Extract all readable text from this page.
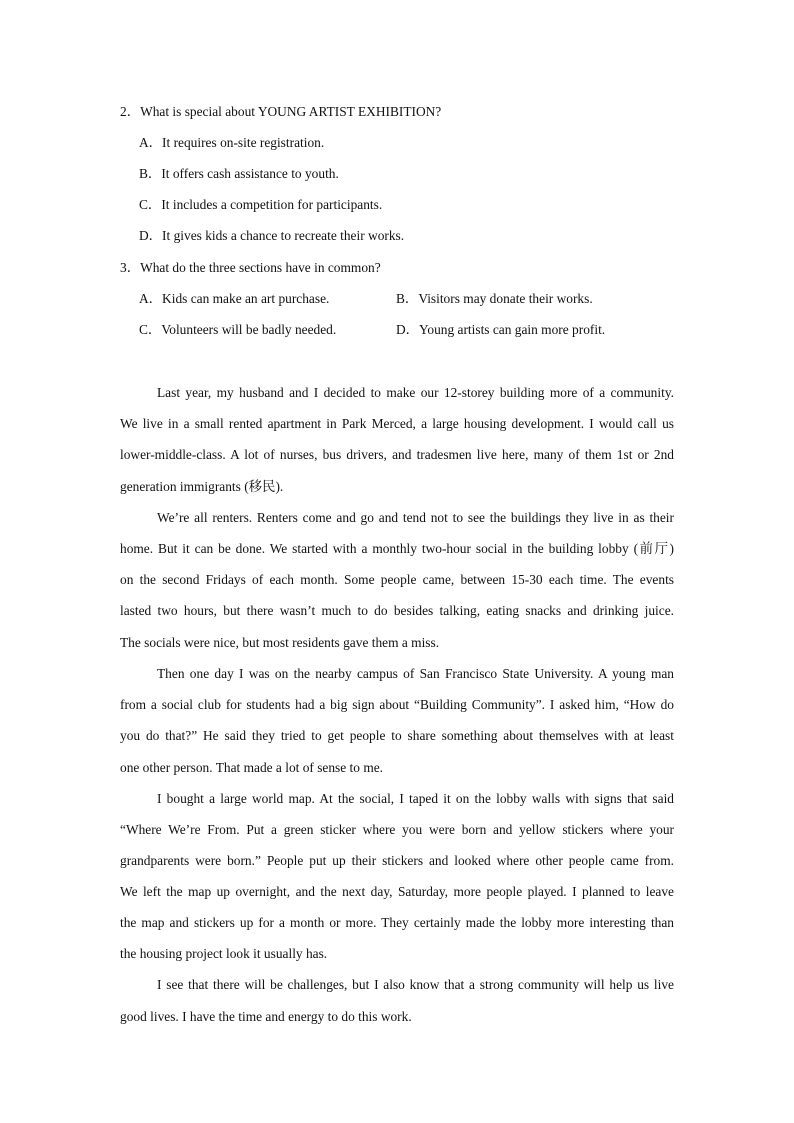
2．What is special about YOUNG ARTIST EXHIBITION?
A．It requires on-site registration.
B．It offers cash assistance to youth.
C．It includes a competition for participants.
D．It gives kids a chance to recreate their works.
3．What do the three sections have in common?
A．Kids can make an art purchase.	B．Visitors may donate their works.
C．Volunteers will be badly needed.	D．Young artists can gain more profit.
Last year, my husband and I decided to make our 12-storey building more of a community.
We live in a small rented apartment in Park Merced, a large housing development. I would call us
lower-middle-class. A lot of nurses, bus drivers, and tradesmen live here, many of them 1st or 2nd
generation immigrants (移民).
We’re all renters. Renters come and go and tend not to see the buildings they live in as their
home. But it can be done. We started with a monthly two-hour social in the building lobby (前厅)
on the second Fridays of each month. Some people came, between 15-30 each time. The events
lasted two hours, but there wasn’t much to do besides talking, eating snacks and drinking juice.
The socials were nice, but most residents gave them a miss.
Then one day I was on the nearby campus of San Francisco State University. A young man
from a social club for students had a big sign about “Building Community”. I asked him, “How do
you do that?” He said they tried to get people to share something about themselves with at least
one other person. That made a lot of sense to me.
I bought a large world map. At the social, I taped it on the lobby walls with signs that said
“Where We’re From. Put a green sticker where you were born and yellow stickers where your
grandparents were born.” People put up their stickers and looked where other people came from.
We left the map up overnight, and the next day, Saturday, more people played. I planned to leave
the map and stickers up for a month or more. They certainly made the lobby more interesting than
the housing project look it usually has.
I see that there will be challenges, but I also know that a strong community will help us live
good lives. I have the time and energy to do this work.
